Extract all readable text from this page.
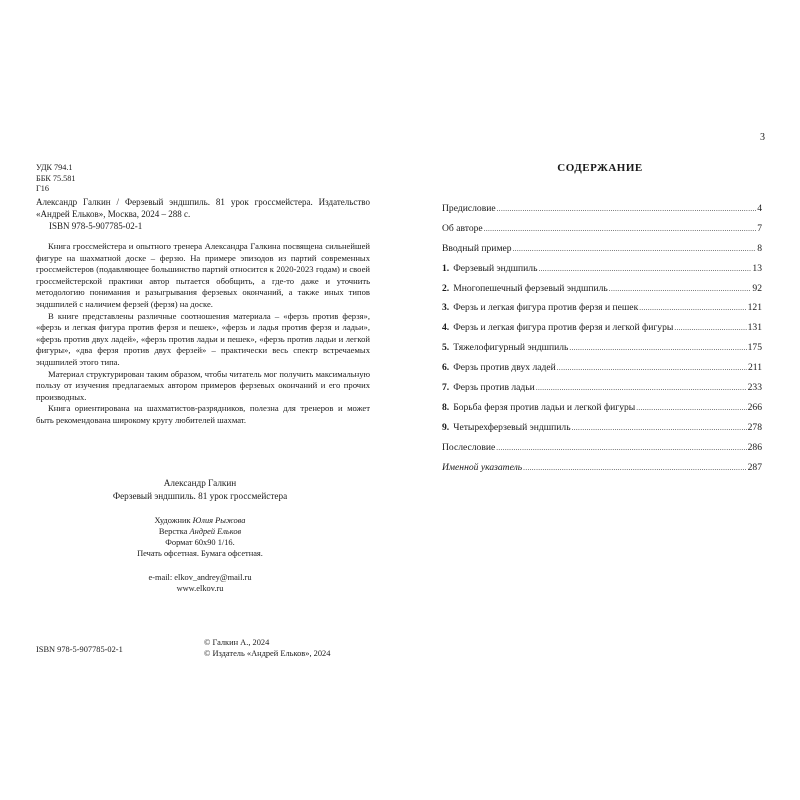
УДК 794.1
ББК 75.581
Г16
Александр Галкин / Ферзевый эндшпиль. 81 урок гроссмейстера. Издательство «Андрей Ельков», Москва, 2024 – 288 с.
ISBN 978-5-907785-02-1

Книга гроссмейстера и опытного тренера Александра Галкина посвящена сильнейшей фигуре на шахматной доске – ферзю. На примере эпизодов из партий современных гроссмейстеров (подавляющее большинство партий относится к 2020-2023 годам) и своей гроссмейстерской практики автор пытается обобщить, а где-то даже и уточнить методологию понимания и разыгрывания ферзевых окончаний, а также иных типов эндшпилей с наличием ферзей (ферзя) на доске.

В книге представлены различные соотношения материала – «ферзь против ферзя», «ферзь и легкая фигура против ферзя и пешек», «ферзь и ладья против ферзя и ладьи», «ферзь против двух ладей», «ферзь против ладьи и пешек», «ферзь против ладьи и легкой фигуры», «два ферзя против двух ферзей» – практически весь спектр встречаемых эндшпилей этого типа.

Материал структурирован таким образом, чтобы читатель мог получить максимальную пользу от изучения предлагаемых автором примеров ферзевых окончаний и его прочих производных.

Книга ориентирована на шахматистов-разрядников, полезна для тренеров и может быть рекомендована широкому кругу любителей шахмат.

Александр Галкин
Ферзевый эндшпиль. 81 урок гроссмейстера
Художник Юлия Рыжова
Верстка Андрей Ельков
Формат 60х90 1/16.
Печать офсетная. Бумага офсетная.
e-mail: elkov_andrey@mail.ru
www.elkov.ru
ISBN 978-5-907785-02-1
© Галкин А., 2024
© Издатель «Андрей Ельков», 2024
3
СОДЕРЖАНИЕ
Предисловие .....	4
Об авторе .....	7
Вводный пример .....	8
1. Ферзевый эндшпиль .....	13
2. Многопешечный ферзевый эндшпиль .....	92
3. Ферзь и легкая фигура против ферзя и пешек .....	121
4. Ферзь и легкая фигура против ферзя и легкой фигуры .....	131
5. Тяжелофигурный эндшпиль .....	175
6. Ферзь против двух ладей .....	211
7. Ферзь против ладьи .....	233
8. Борьба ферзя против ладьи и легкой фигуры .....	266
9. Четырехферзевый эндшпиль .....	278
Послесловие .....	286
Именной указатель .....	287
